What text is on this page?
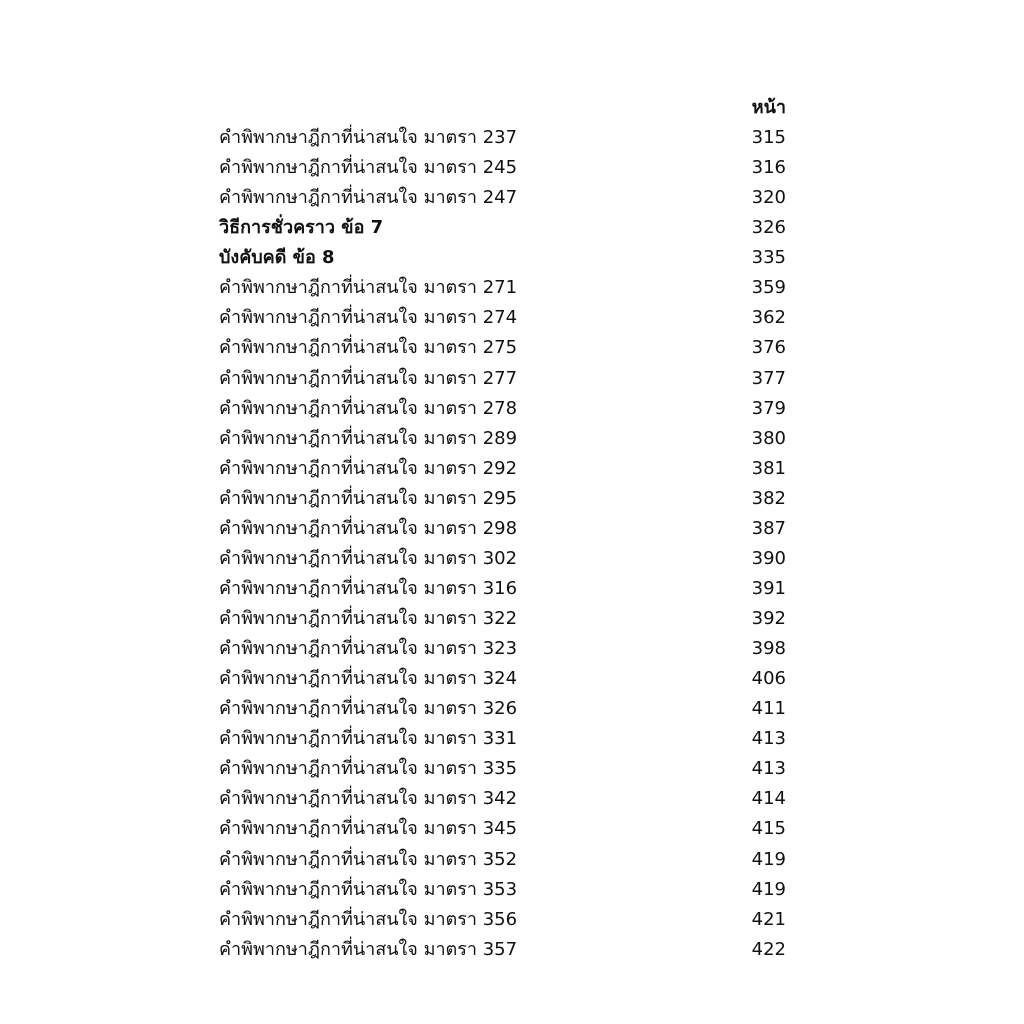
หน้า
คำพิพากษาฎีกาที่น่าสนใจ มาตรา 237	315
คำพิพากษาฎีกาที่น่าสนใจ มาตรา 245	316
คำพิพากษาฎีกาที่น่าสนใจ มาตรา 247	320
วิธีการชั่วคราว ข้อ 7	326
บังคับคดี ข้อ 8	335
คำพิพากษาฎีกาที่น่าสนใจ มาตรา 271	359
คำพิพากษาฎีกาที่น่าสนใจ มาตรา 274	362
คำพิพากษาฎีกาที่น่าสนใจ มาตรา 275	376
คำพิพากษาฎีกาที่น่าสนใจ มาตรา 277	377
คำพิพากษาฎีกาที่น่าสนใจ มาตรา 278	379
คำพิพากษาฎีกาที่น่าสนใจ มาตรา 289	380
คำพิพากษาฎีกาที่น่าสนใจ มาตรา 292	381
คำพิพากษาฎีกาที่น่าสนใจ มาตรา 295	382
คำพิพากษาฎีกาที่น่าสนใจ มาตรา 298	387
คำพิพากษาฎีกาที่น่าสนใจ มาตรา 302	390
คำพิพากษาฎีกาที่น่าสนใจ มาตรา 316	391
คำพิพากษาฎีกาที่น่าสนใจ มาตรา 322	392
คำพิพากษาฎีกาที่น่าสนใจ มาตรา 323	398
คำพิพากษาฎีกาที่น่าสนใจ มาตรา 324	406
คำพิพากษาฎีกาที่น่าสนใจ มาตรา 326	411
คำพิพากษาฎีกาที่น่าสนใจ มาตรา 331	413
คำพิพากษาฎีกาที่น่าสนใจ มาตรา 335	413
คำพิพากษาฎีกาที่น่าสนใจ มาตรา 342	414
คำพิพากษาฎีกาที่น่าสนใจ มาตรา 345	415
คำพิพากษาฎีกาที่น่าสนใจ มาตรา 352	419
คำพิพากษาฎีกาที่น่าสนใจ มาตรา 353	419
คำพิพากษาฎีกาที่น่าสนใจ มาตรา 356	421
คำพิพากษาฎีกาที่น่าสนใจ มาตรา 357	422
